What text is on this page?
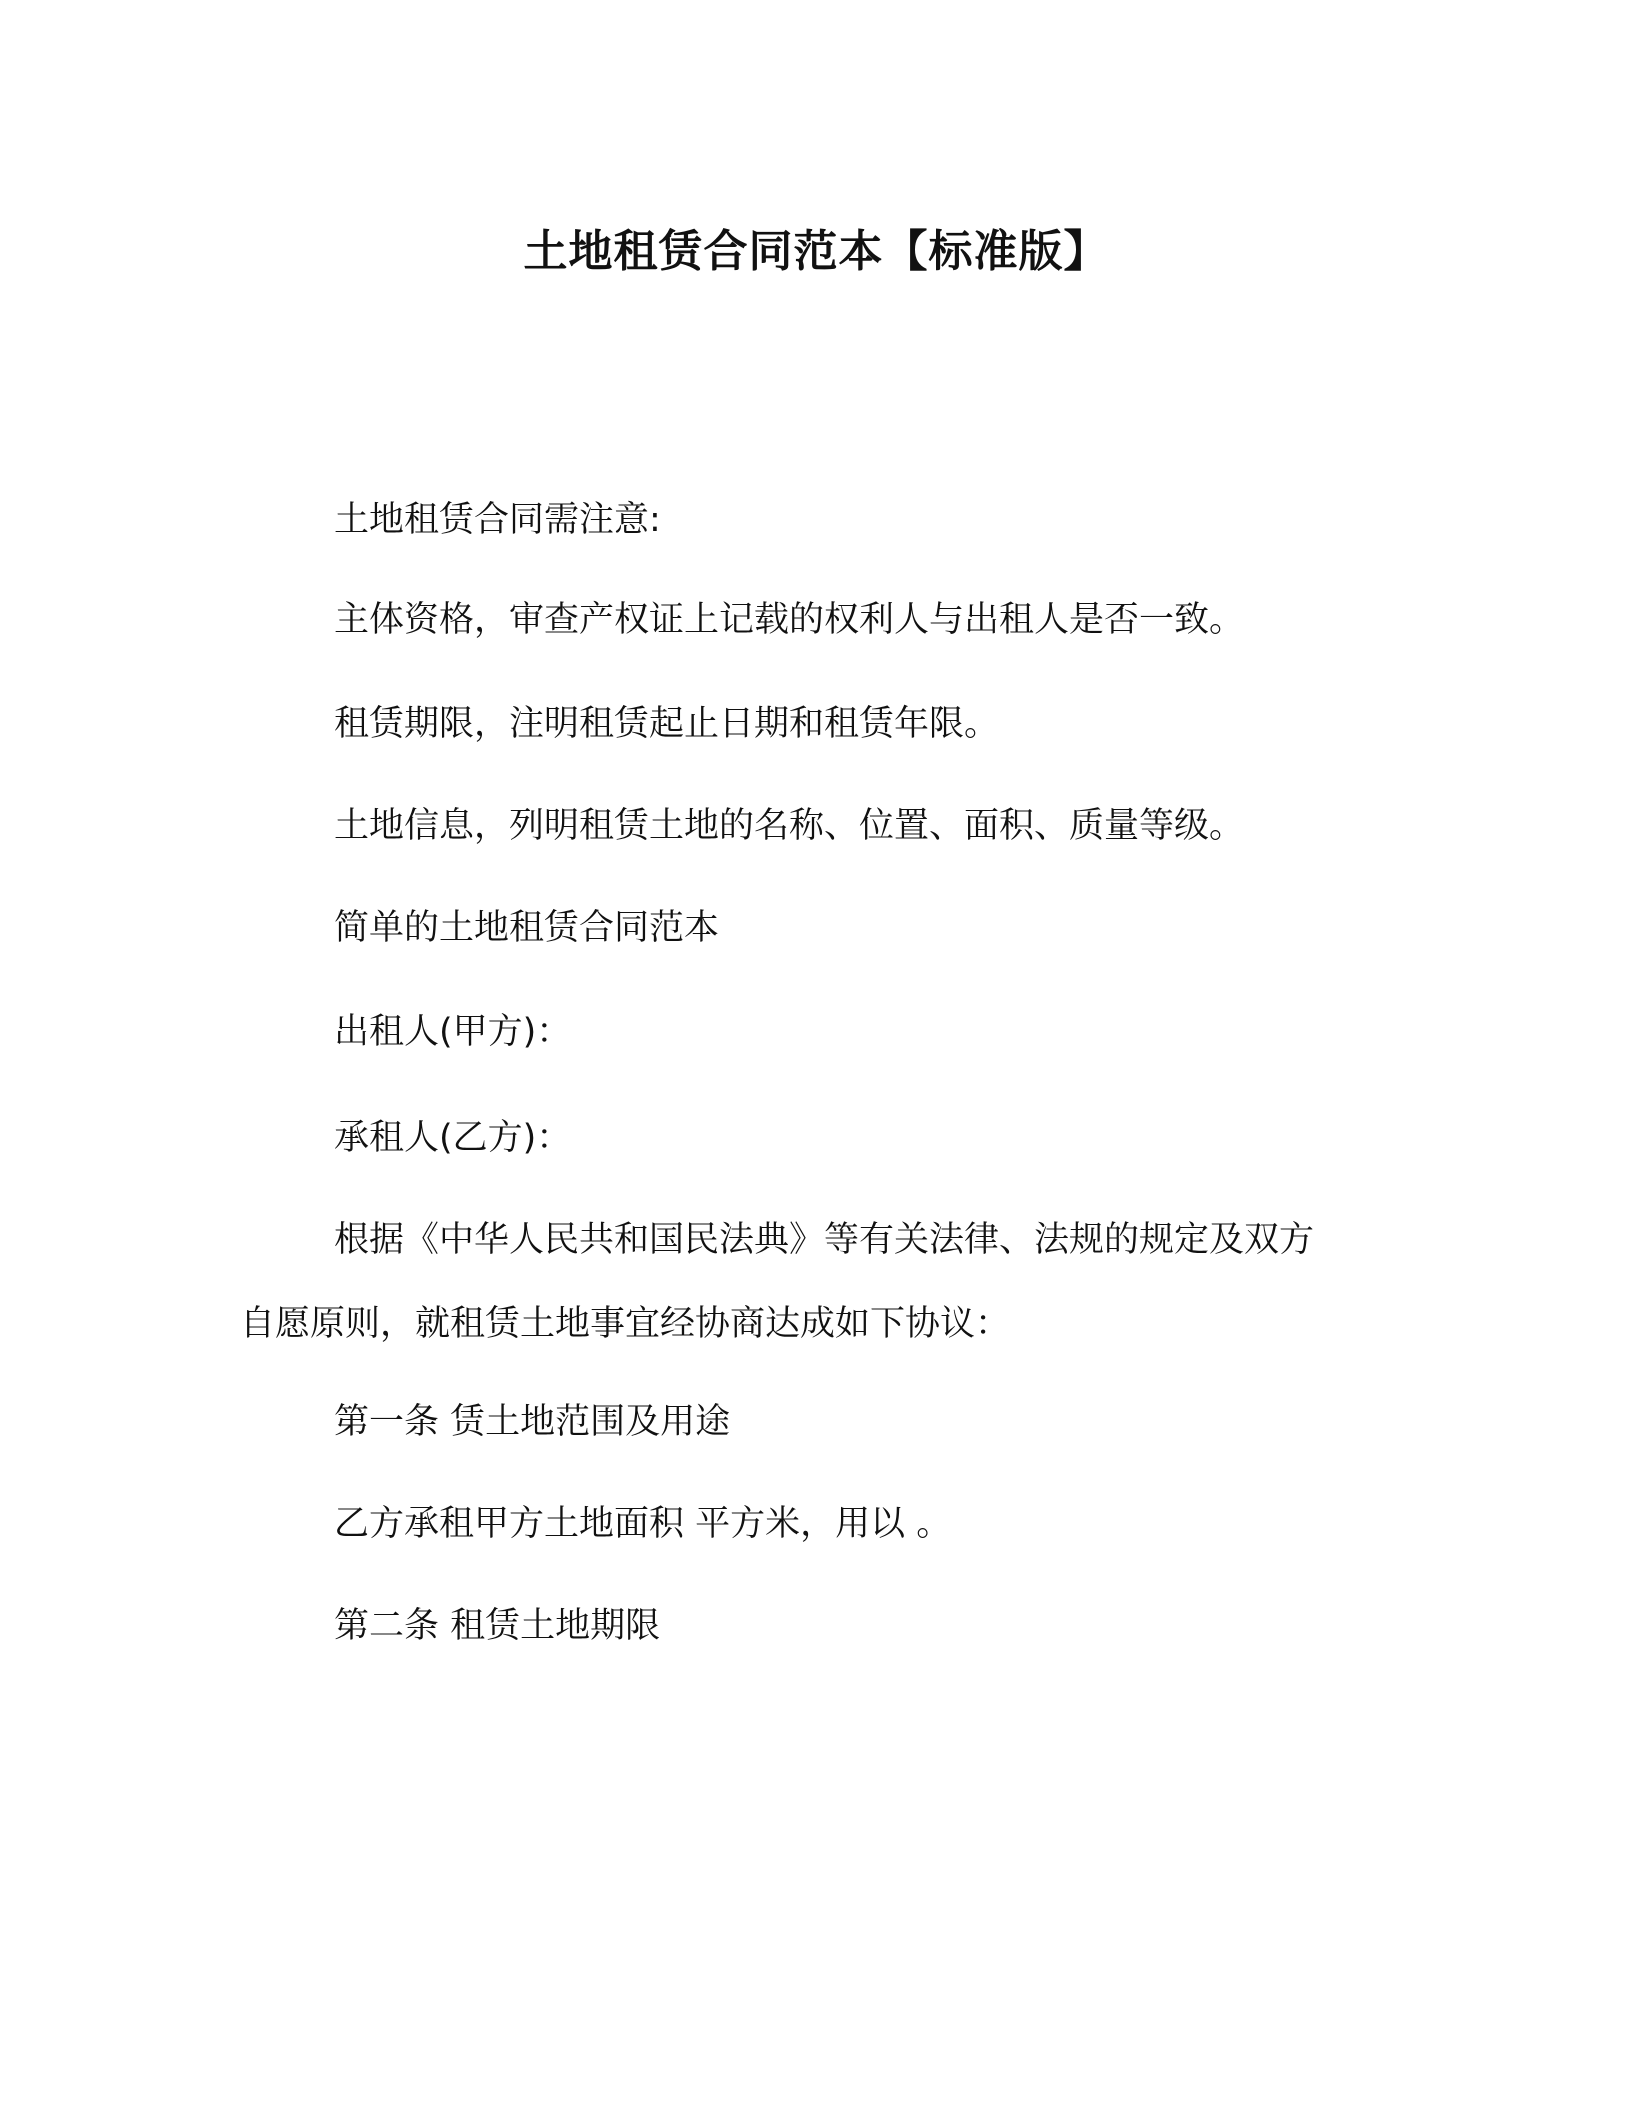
土地租赁合同范本【标准版】
土地租赁合同需注意:
主体资格，审查产权证上记载的权利人与出租人是否一致。
租赁期限，注明租赁起止日期和租赁年限。
土地信息，列明租赁土地的名称、位置、面积、质量等级。
简单的土地租赁合同范本
出租人(甲方)：
承租人(乙方)：
根据《中华人民共和国民法典》等有关法律、法规的规定及双方
自愿原则，就租赁土地事宜经协商达成如下协议：
第一条 赁土地范围及用途
乙方承租甲方土地面积 平方米，用以 。
第二条 租赁土地期限
